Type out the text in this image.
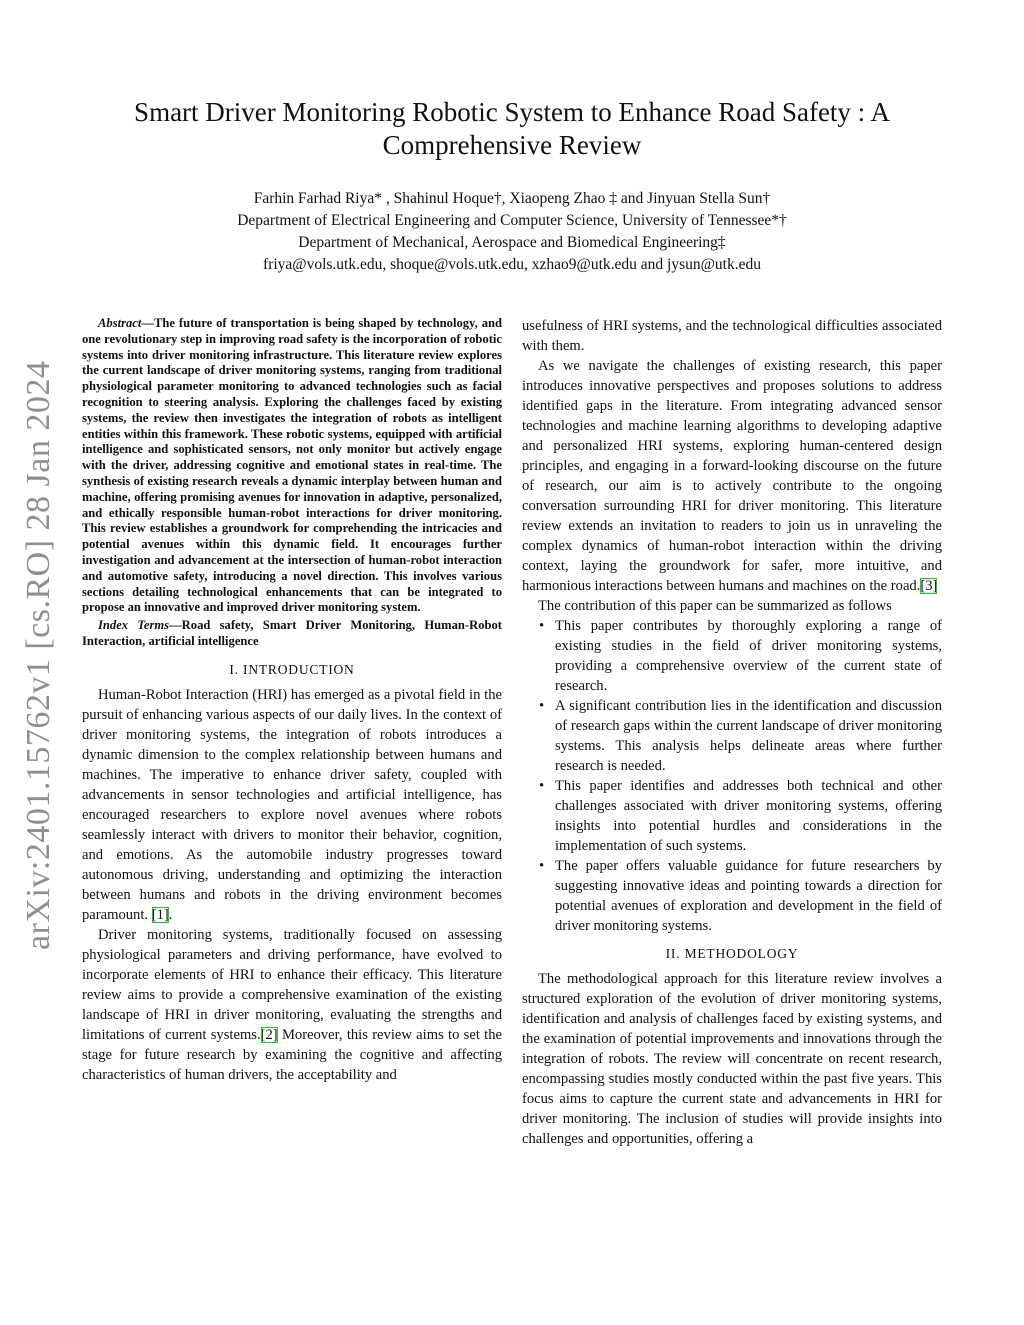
arXiv:2401.15762v1 [cs.RO] 28 Jan 2024
Smart Driver Monitoring Robotic System to Enhance Road Safety : A Comprehensive Review
Farhin Farhad Riya* , Shahinul Hoque†, Xiaopeng Zhao ‡ and Jinyuan Stella Sun†
Department of Electrical Engineering and Computer Science, University of Tennessee*†
Department of Mechanical, Aerospace and Biomedical Engineering‡
friya@vols.utk.edu, shoque@vols.utk.edu, xzhao9@utk.edu and jysun@utk.edu

Abstract—The future of transportation is being shaped by technology, and one revolutionary step in improving road safety is the incorporation of robotic systems into driver monitoring infrastructure. This literature review explores the current landscape of driver monitoring systems, ranging from traditional physiological parameter monitoring to advanced technologies such as facial recognition to steering analysis. Exploring the challenges faced by existing systems, the review then investigates the integration of robots as intelligent entities within this framework. These robotic systems, equipped with artificial intelligence and sophisticated sensors, not only monitor but actively engage with the driver, addressing cognitive and emotional states in real-time. The synthesis of existing research reveals a dynamic interplay between human and machine, offering promising avenues for innovation in adaptive, personalized, and ethically responsible human-robot interactions for driver monitoring. This review establishes a groundwork for comprehending the intricacies and potential avenues within this dynamic field. It encourages further investigation and advancement at the intersection of human-robot interaction and automotive safety, introducing a novel direction. This involves various sections detailing technological enhancements that can be integrated to propose an innovative and improved driver monitoring system.

Index Terms—Road safety, Smart Driver Monitoring, Human-Robot Interaction, artificial intelligence

I. INTRODUCTION

Human-Robot Interaction (HRI) has emerged as a pivotal field in the pursuit of enhancing various aspects of our daily lives. In the context of driver monitoring systems, the integration of robots introduces a dynamic dimension to the complex relationship between humans and machines. The imperative to enhance driver safety, coupled with advancements in sensor technologies and artificial intelligence, has encouraged researchers to explore novel avenues where robots seamlessly interact with drivers to monitor their behavior, cognition, and emotions. As the automobile industry progresses toward autonomous driving, understanding and optimizing the interaction between humans and robots in the driving environment becomes paramount. [1].

Driver monitoring systems, traditionally focused on assessing physiological parameters and driving performance, have evolved to incorporate elements of HRI to enhance their efficacy. This literature review aims to provide a comprehensive examination of the existing landscape of HRI in driver monitoring, evaluating the strengths and limitations of current systems.[2] Moreover, this review aims to set the stage for future research by examining the cognitive and affecting characteristics of human drivers, the acceptability and

usefulness of HRI systems, and the technological difficulties associated with them.

As we navigate the challenges of existing research, this paper introduces innovative perspectives and proposes solutions to address identified gaps in the literature. From integrating advanced sensor technologies and machine learning algorithms to developing adaptive and personalized HRI systems, exploring human-centered design principles, and engaging in a forward-looking discourse on the future of research, our aim is to actively contribute to the ongoing conversation surrounding HRI for driver monitoring. This literature review extends an invitation to readers to join us in unraveling the complex dynamics of human-robot interaction within the driving context, laying the groundwork for safer, more intuitive, and harmonious interactions between humans and machines on the road.[3]

The contribution of this paper can be summarized as follows

• This paper contributes by thoroughly exploring a range of existing studies in the field of driver monitoring systems, providing a comprehensive overview of the current state of research.
• A significant contribution lies in the identification and discussion of research gaps within the current landscape of driver monitoring systems. This analysis helps delineate areas where further research is needed.
• This paper identifies and addresses both technical and other challenges associated with driver monitoring systems, offering insights into potential hurdles and considerations in the implementation of such systems.
• The paper offers valuable guidance for future researchers by suggesting innovative ideas and pointing towards a direction for potential avenues of exploration and development in the field of driver monitoring systems.
II. METHODOLOGY

The methodological approach for this literature review involves a structured exploration of the evolution of driver monitoring systems, identification and analysis of challenges faced by existing systems, and the examination of potential improvements and innovations through the integration of robots. The review will concentrate on recent research, encompassing studies mostly conducted within the past five years. This focus aims to capture the current state and advancements in HRI for driver monitoring. The inclusion of studies will provide insights into challenges and opportunities, offering a
